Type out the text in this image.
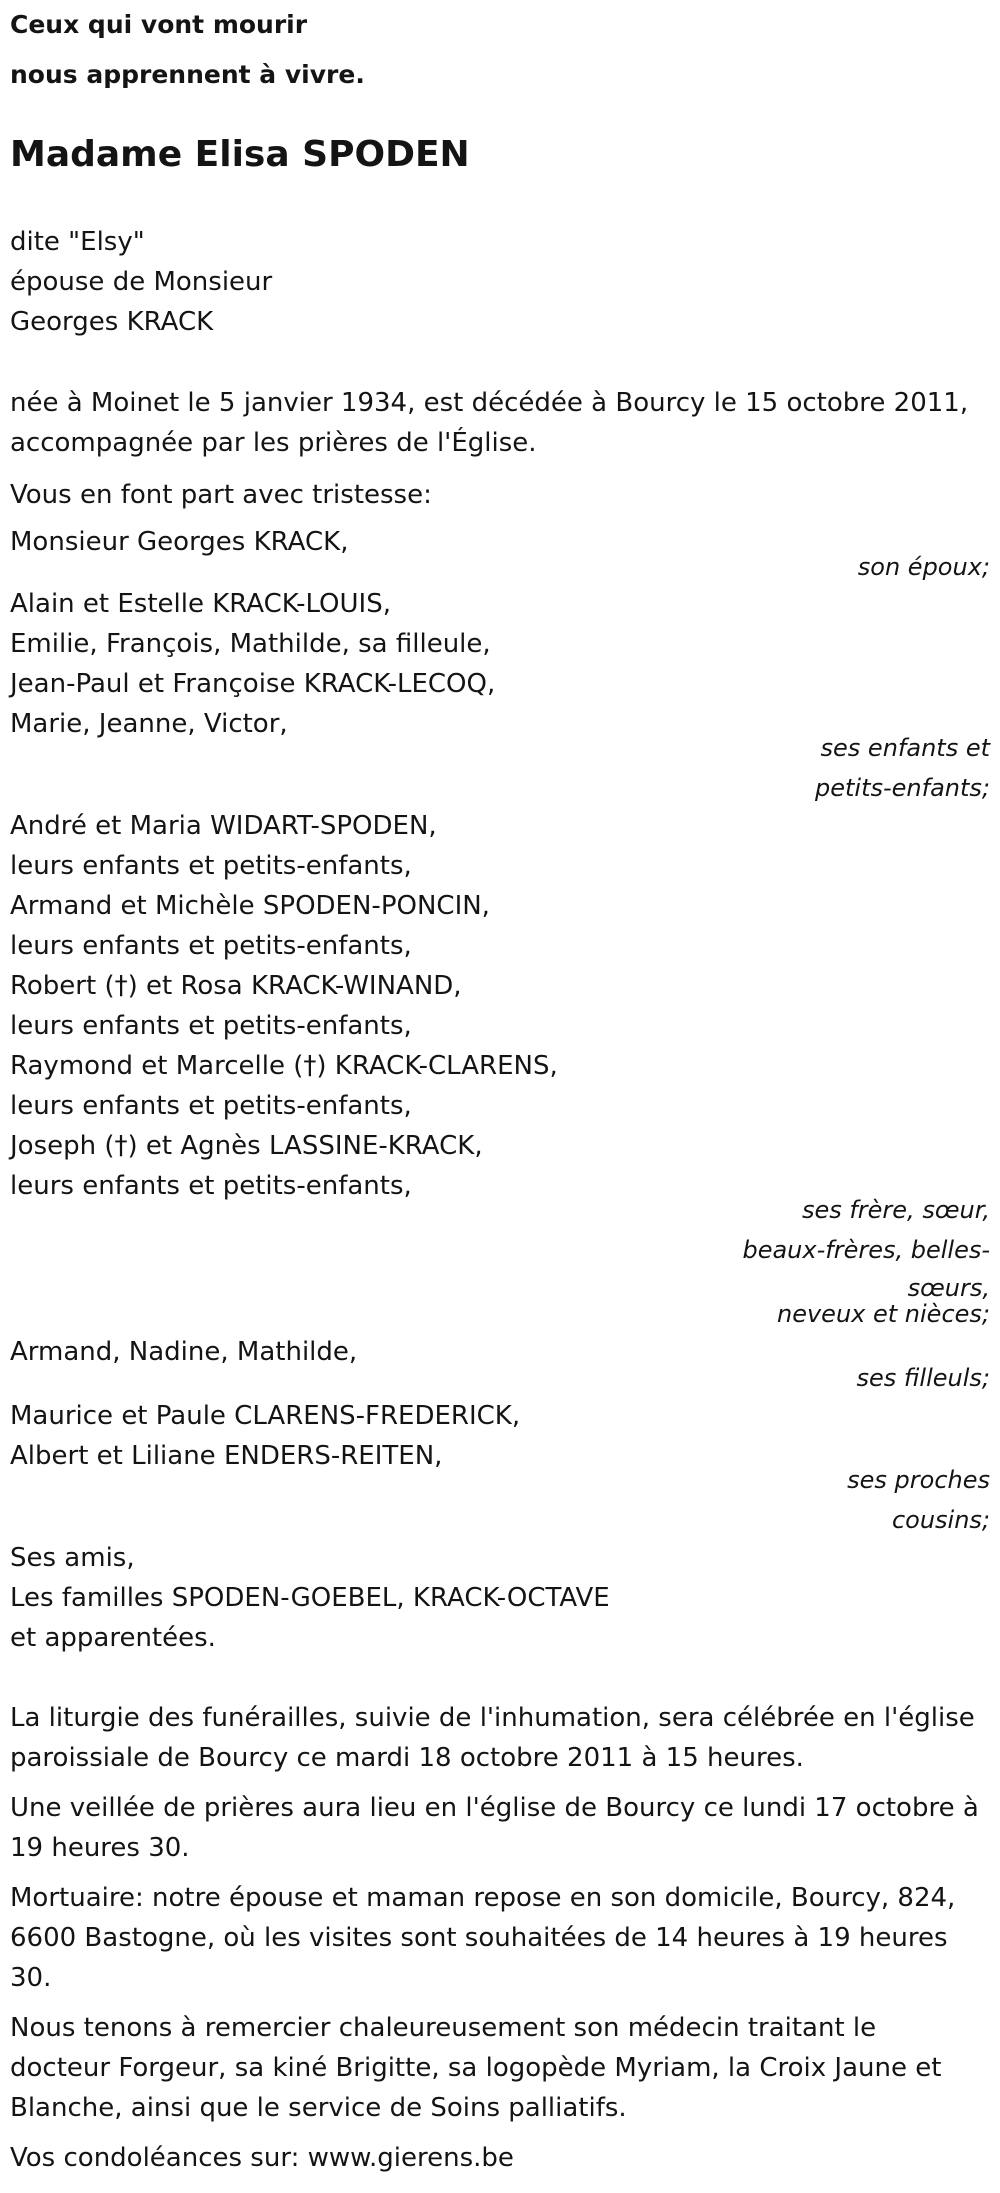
Ceux qui vont mourir
nous apprennent à vivre.
Madame Elisa SPODEN
dite "Elsy"
épouse de Monsieur
Georges KRACK
née à Moinet le 5 janvier 1934, est décédée à Bourcy le 15 octobre 2011,
accompagnée par les prières de l'Église.
Vous en font part avec tristesse:
Monsieur Georges KRACK,
son époux;
Alain et Estelle KRACK-LOUIS,
Emilie, François, Mathilde, sa filleule,
Jean-Paul et Françoise KRACK-LECOQ,
Marie, Jeanne, Victor,
ses enfants et
petits-enfants;
André et Maria WIDART-SPODEN,
leurs enfants et petits-enfants,
Armand et Michèle SPODEN-PONCIN,
leurs enfants et petits-enfants,
Robert (†) et Rosa KRACK-WINAND,
leurs enfants et petits-enfants,
Raymond et Marcelle (†) KRACK-CLARENS,
leurs enfants et petits-enfants,
Joseph (†) et Agnès LASSINE-KRACK,
leurs enfants et petits-enfants,
ses frère, sœur,
beaux-frères, belles-
sœurs,
neveux et nièces;
Armand, Nadine, Mathilde,
ses filleuls;
Maurice et Paule CLARENS-FREDERICK,
Albert et Liliane ENDERS-REITEN,
ses proches
cousins;
Ses amis,
Les familles SPODEN-GOEBEL, KRACK-OCTAVE
et apparentées.
La liturgie des funérailles, suivie de l'inhumation, sera célébrée en l'église
paroissiale de Bourcy ce mardi 18 octobre 2011 à 15 heures.
Une veillée de prières aura lieu en l'église de Bourcy ce lundi 17 octobre à
19 heures 30.
Mortuaire: notre épouse et maman repose en son domicile, Bourcy, 824,
6600 Bastogne, où les visites sont souhaitées de 14 heures à 19 heures
30.
Nous tenons à remercier chaleureusement son médecin traitant le
docteur Forgeur, sa kiné Brigitte, sa logopède Myriam, la Croix Jaune et
Blanche, ainsi que le service de Soins palliatifs.
Vos condoléances sur: www.gierens.be
